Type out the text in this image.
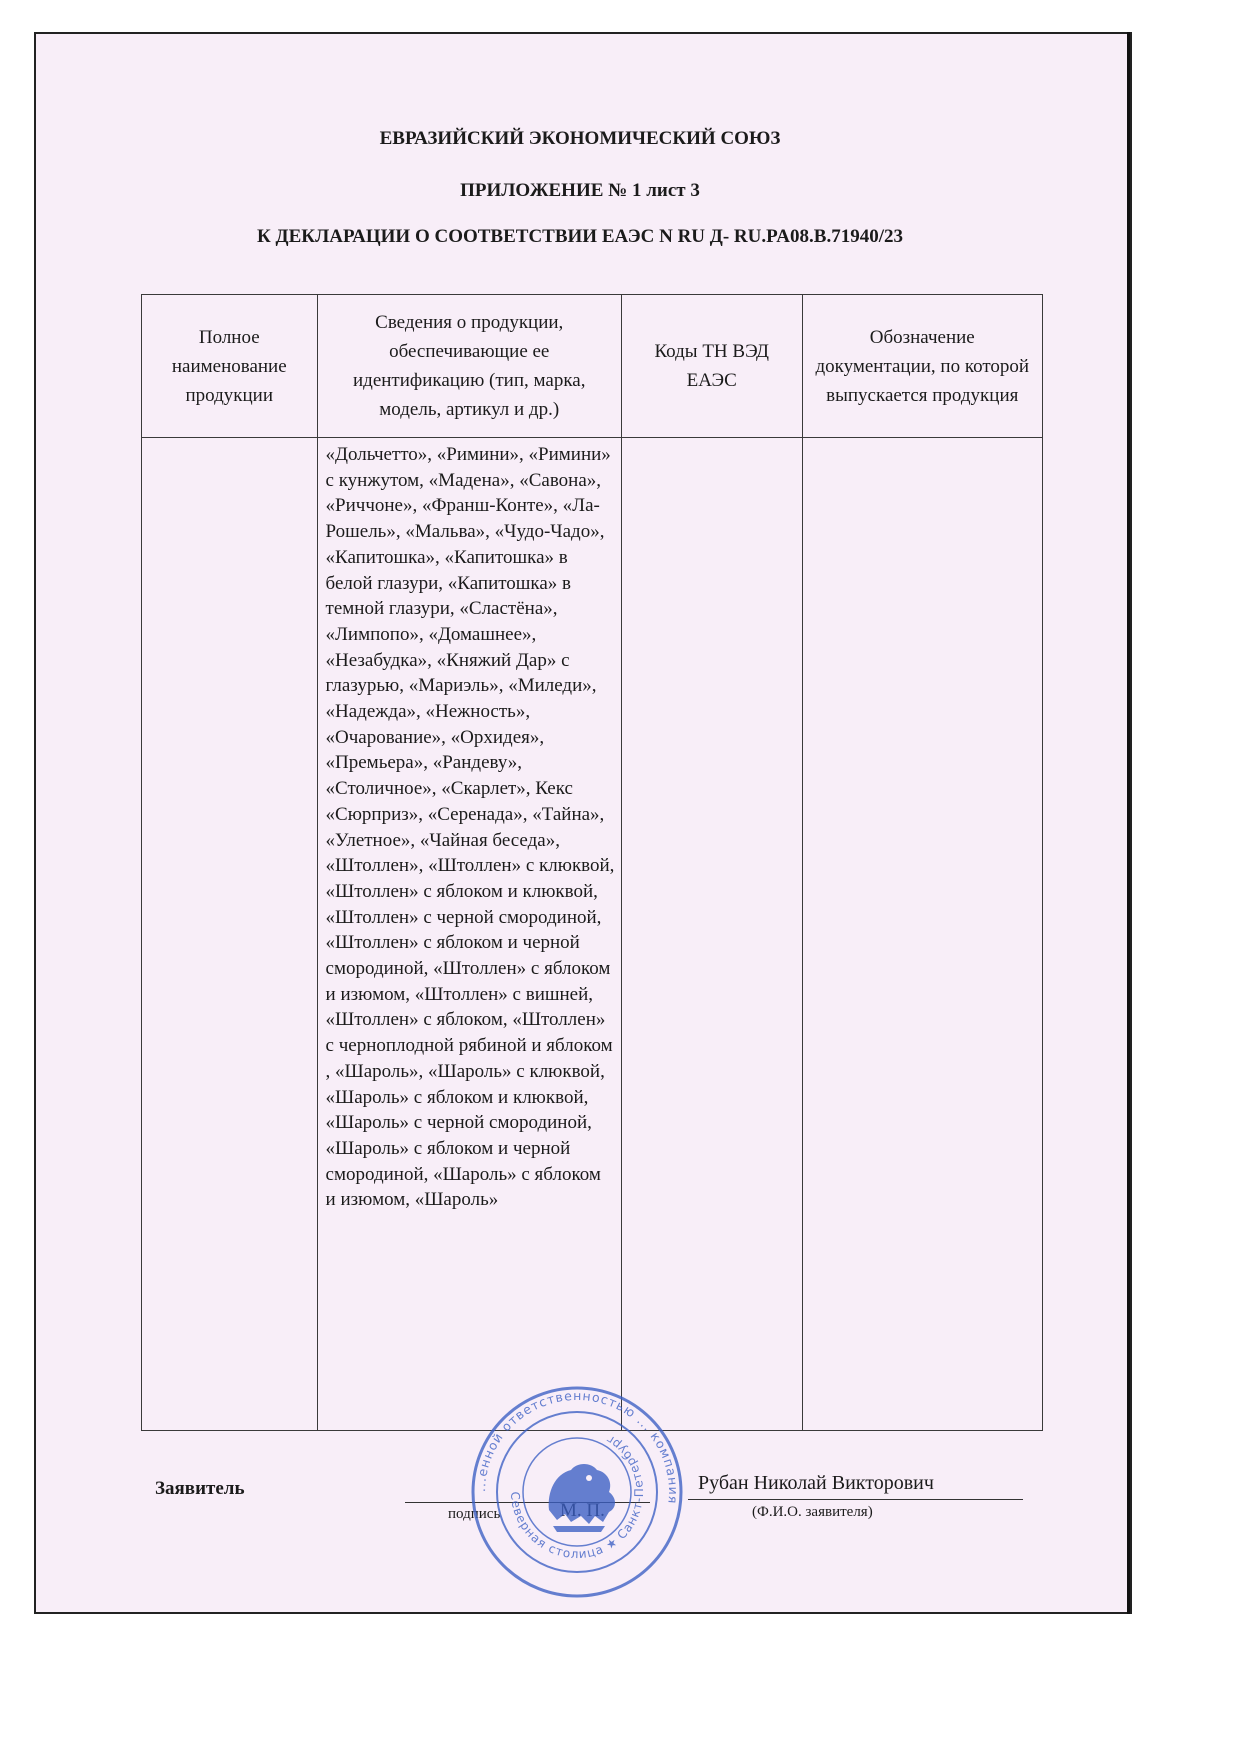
ЕВРАЗИЙСКИЙ ЭКОНОМИЧЕСКИЙ СОЮЗ
ПРИЛОЖЕНИЕ № 1 лист 3
К ДЕКЛАРАЦИИ О СООТВЕТСТВИИ ЕАЭС N RU Д- RU.PA08.B.71940/23
Полное наименование продукции	Сведения о продукции, обеспечивающие ее идентификацию (тип, марка, модель, артикул и др.)	Коды ТН ВЭД ЕАЭС	Обозначение документации, по которой выпускается продукция

	«Дольчетто», «Римини», «Римини» с кунжутом, «Мадена», «Савона», «Риччоне», «Франш-Конте», «Ла-Рошель», «Мальва», «Чудо-Чадо», «Капитошка», «Капитошка» в белой глазури, «Капитошка» в темной глазури, «Сластёна», «Лимпопо», «Домашнее», «Незабудка», «Княжий Дар» с глазурью, «Мариэль», «Миледи», «Надежда», «Нежность», «Очарование», «Орхидея», «Премьера», «Рандеву», «Столичное», «Скарлет», Кекс «Сюрприз», «Серенада», «Тайна», «Улетное», «Чайная беседа», «Штоллен», «Штоллен» с клюквой, «Штоллен» с яблоком и клюквой, «Штоллен» с черной смородиной, «Штоллен» с яблоком и черной смородиной, «Штоллен» с яблоком и изюмом, «Штоллен» с вишней, «Штоллен» с яблоком, «Штоллен» с черноплодной рябиной и яблоком , «Шароль», «Шароль» с клюквой, «Шароль» с яблоком и клюквой, «Шароль» с черной смородиной, «Шароль» с яблоком и черной смородиной, «Шароль» с яблоком и изюмом, «Шароль»		

Заявитель
подпись
Рубан Николай Викторович
(Ф.И.О. заявителя)
...енной ответственностью ... компания
Северная столица ★ Санкт-Петербург
